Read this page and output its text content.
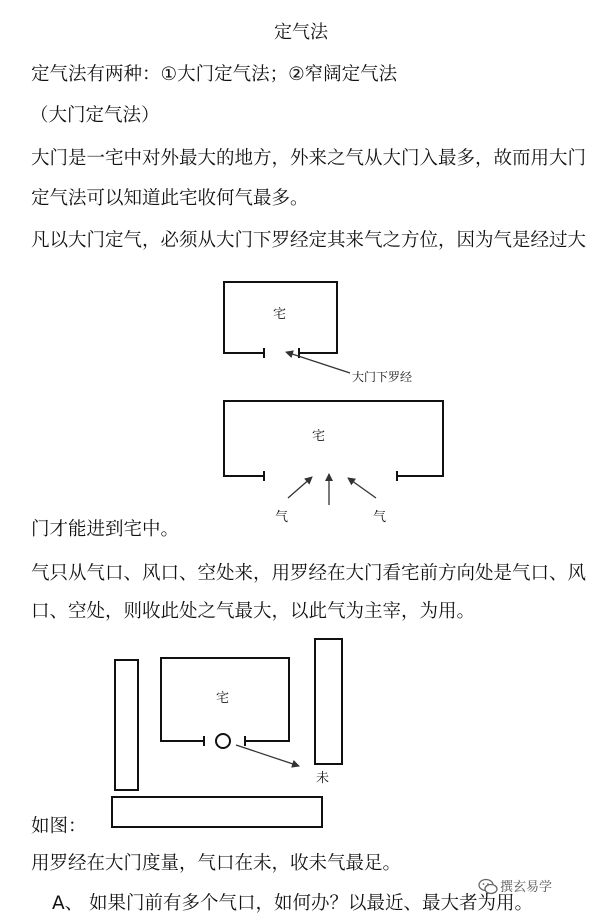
定气法
定气法有两种：①大门定气法；②窄阔定气法
（大门定气法）
大门是一宅中对外最大的地方，外来之气从大门入最多，故而用大门
定气法可以知道此宅收何气最多。
凡以大门定气，必须从大门下罗经定其来气之方位，因为气是经过大
门才能进到宅中。
气只从气口、风口、空处来，用罗经在大门看宅前方向处是气口、风
口、空处，则收此处之气最大，以此气为主宰，为用。
如图：
用罗经在大门度量，气口在未，收未气最足。
A、 如果门前有多个气口，如何办？以最近、最大者为用。
宅
大门下罗经
宅
气	气
宅
未
撰玄易学
